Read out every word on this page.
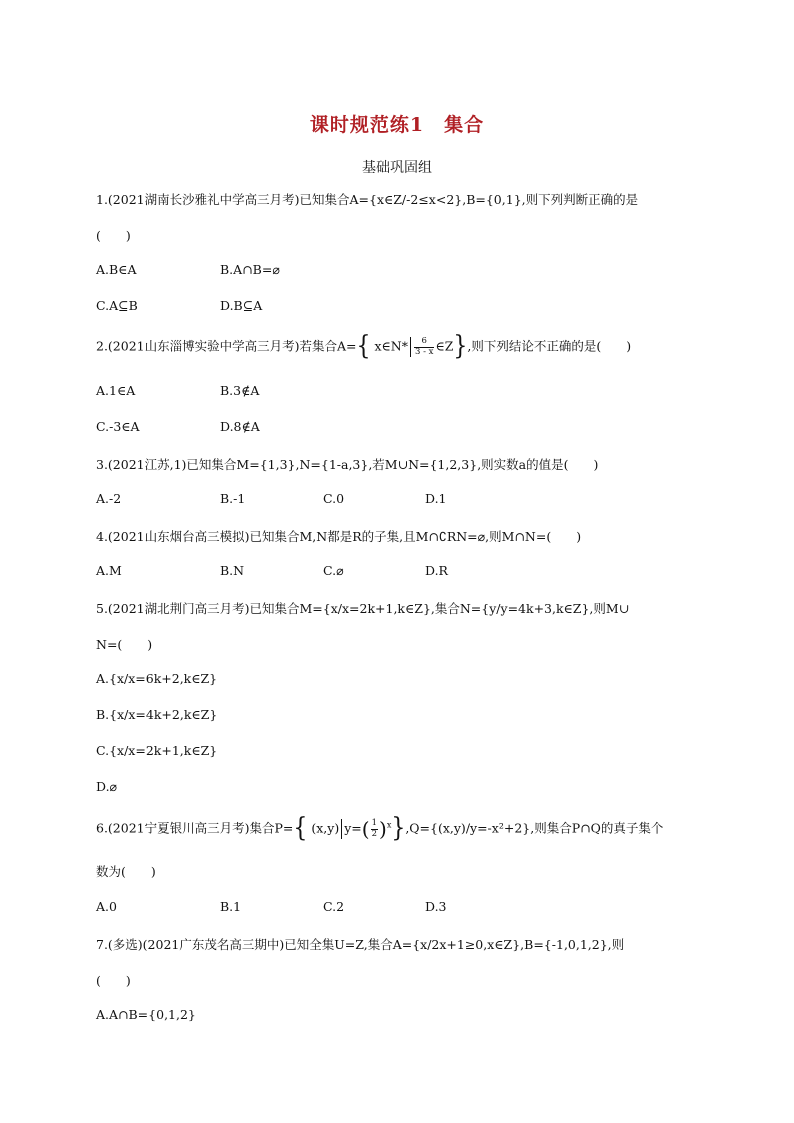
课时规范练1　集合
基础巩固组
1.(2021湖南长沙雅礼中学高三月考)已知集合A={x∈Z/-2≤x<2},B={0,1},则下列判断正确的是
(　　)
A.B∈A	B.A∩B=⌀
C.A⊆B	D.B⊆A
2.(2021山东淄博实验中学高三月考)若集合A={ x∈N* $\frac{6}{3 - x}$ ∈Z},则下列结论不正确的是(　　)
A.1∈A	B.3∉A
C.-3∈A	D.8∉A
3.(2021江苏,1)已知集合M={1,3},N={1-a,3},若M∪N={1,2,3},则实数a的值是(　　)
A.-2	B.-1	C.0	D.1
4.(2021山东烟台高三模拟)已知集合M,N都是R的子集,且M∩∁RN=⌀,则M∩N=(　　)
A.M	B.N	C.⌀	D.R
5.(2021湖北荆门高三月考)已知集合M={x/x=2k+1,k∈Z},集合N={y/y=4k+3,k∈Z},则M∪
N=(　　)
A.{x/x=6k+2,k∈Z}
B.{x/x=4k+2,k∈Z}
C.{x/x=2k+1,k∈Z}
D.⌀
6.(2021宁夏银川高三月考)集合P={ (x,y) $y=( \frac{1}{2} )^x\},Q=\{(x,y)/y=-x^2+2\}$,则集合P∩Q的真子集个
数为(　　)
A.0	B.1	C.2	D.3
7.(多选)(2021广东茂名高三期中)已知全集U=Z,集合A={x/2x+1≥0,x∈Z},B={-1,0,1,2},则
(　　)
A.A∩B={0,1,2}
